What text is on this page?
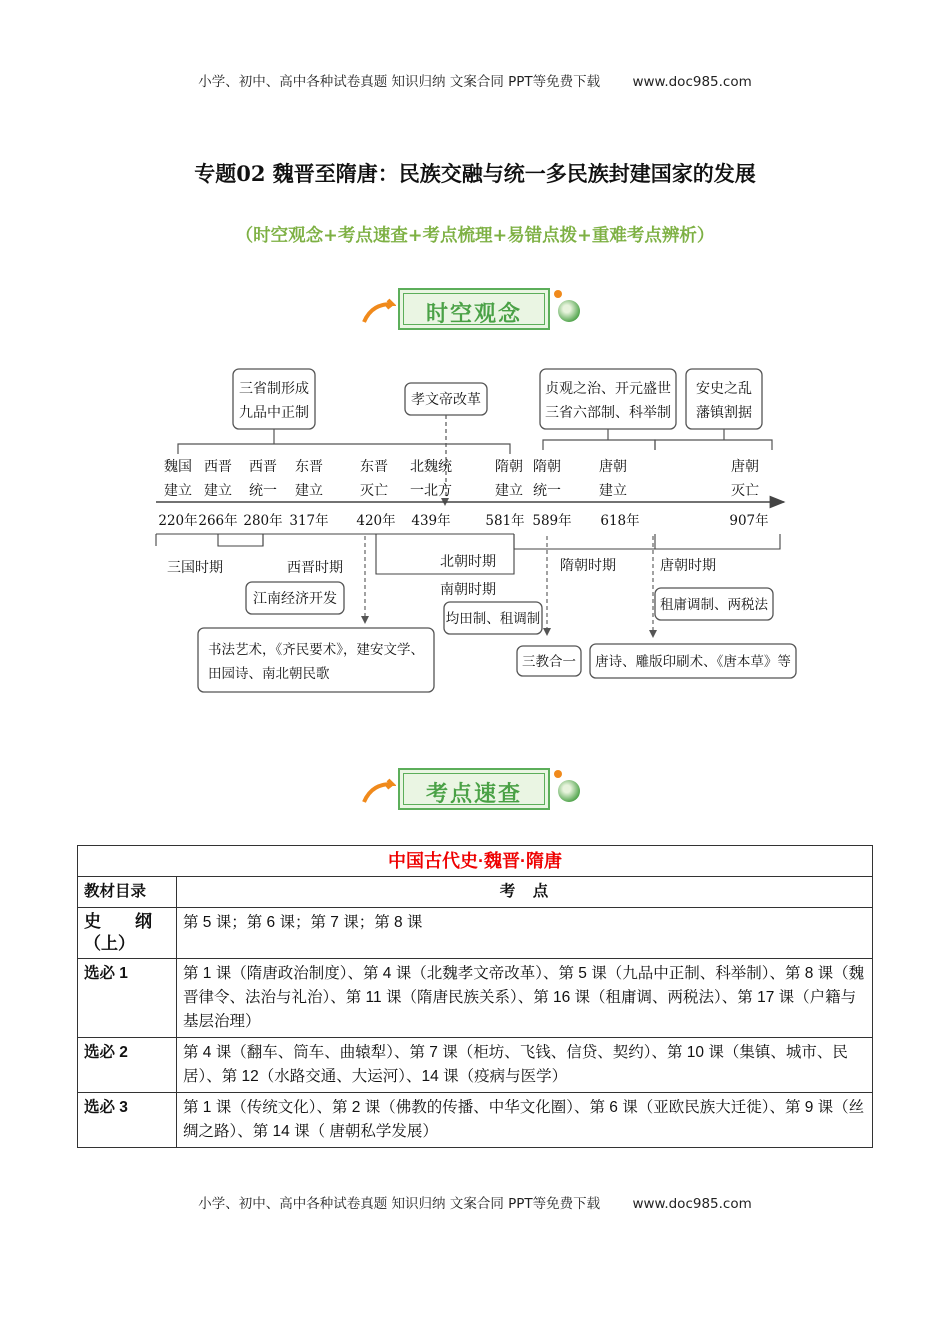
小学、初中、高中各种试卷真题 知识归纳 文案合同 PPT等免费下载 www.doc985.com
专题02 魏晋至隋唐：民族交融与统一多民族封建国家的发展
（时空观念+考点速查+考点梳理+易错点拨+重难考点辨析）
时空观念
三省制形成
九品中正制
孝文帝改革
贞观之治、开元盛世
三省六部制、科举制
安史之乱
藩镇割据
魏国
建立
西晋
建立
西晋
统一
东晋
建立
东晋
灭亡
北魏统
一北方
隋朝
建立
隋朝
统一
唐朝
建立
唐朝
灭亡
220年 266年 280年 317年 420年 439年	581年 589年 618年	907年
三国时期	西晋时期	北朝时期
南朝时期
隋朝时期	唐朝时期
江南经济开发
均田制、租调制
租庸调制、两税法
书法艺术，《齐民要术》，建安文学、
田园诗、南北朝民歌
三教合一 唐诗、雕版印刷术、《唐本草》等
考点速查
中国古代史·魏晋·隋唐	
教材目录	考　点
史　　纲（上）	第 5 课；第 6 课；第 7 课；第 8 课
选必 1	第 1 课（隋唐政治制度）、第 4 课（北魏孝文帝改革）、第 5 课（九品中正制、科举制）、第 8 课（魏晋律令、法治与礼治）、第 11 课（隋唐民族关系）、第 16 课（租庸调、两税法）、第 17 课（户籍与基层治理）
选必 2	第 4 课（翻车、筒车、曲辕犁）、第 7 课（柜坊、飞钱、信贷、契约）、第 10 课（集镇、城市、民居）、第 12（水路交通、大运河）、14 课（疫病与医学）
选必 3	第 1 课（传统文化）、第 2 课（佛教的传播、中华文化圈）、第 6 课（亚欧民族大迁徙）、第 9 课（丝绸之路）、第 14 课（ 唐朝私学发展）
小学、初中、高中各种试卷真题 知识归纳 文案合同 PPT等免费下载 www.doc985.com
